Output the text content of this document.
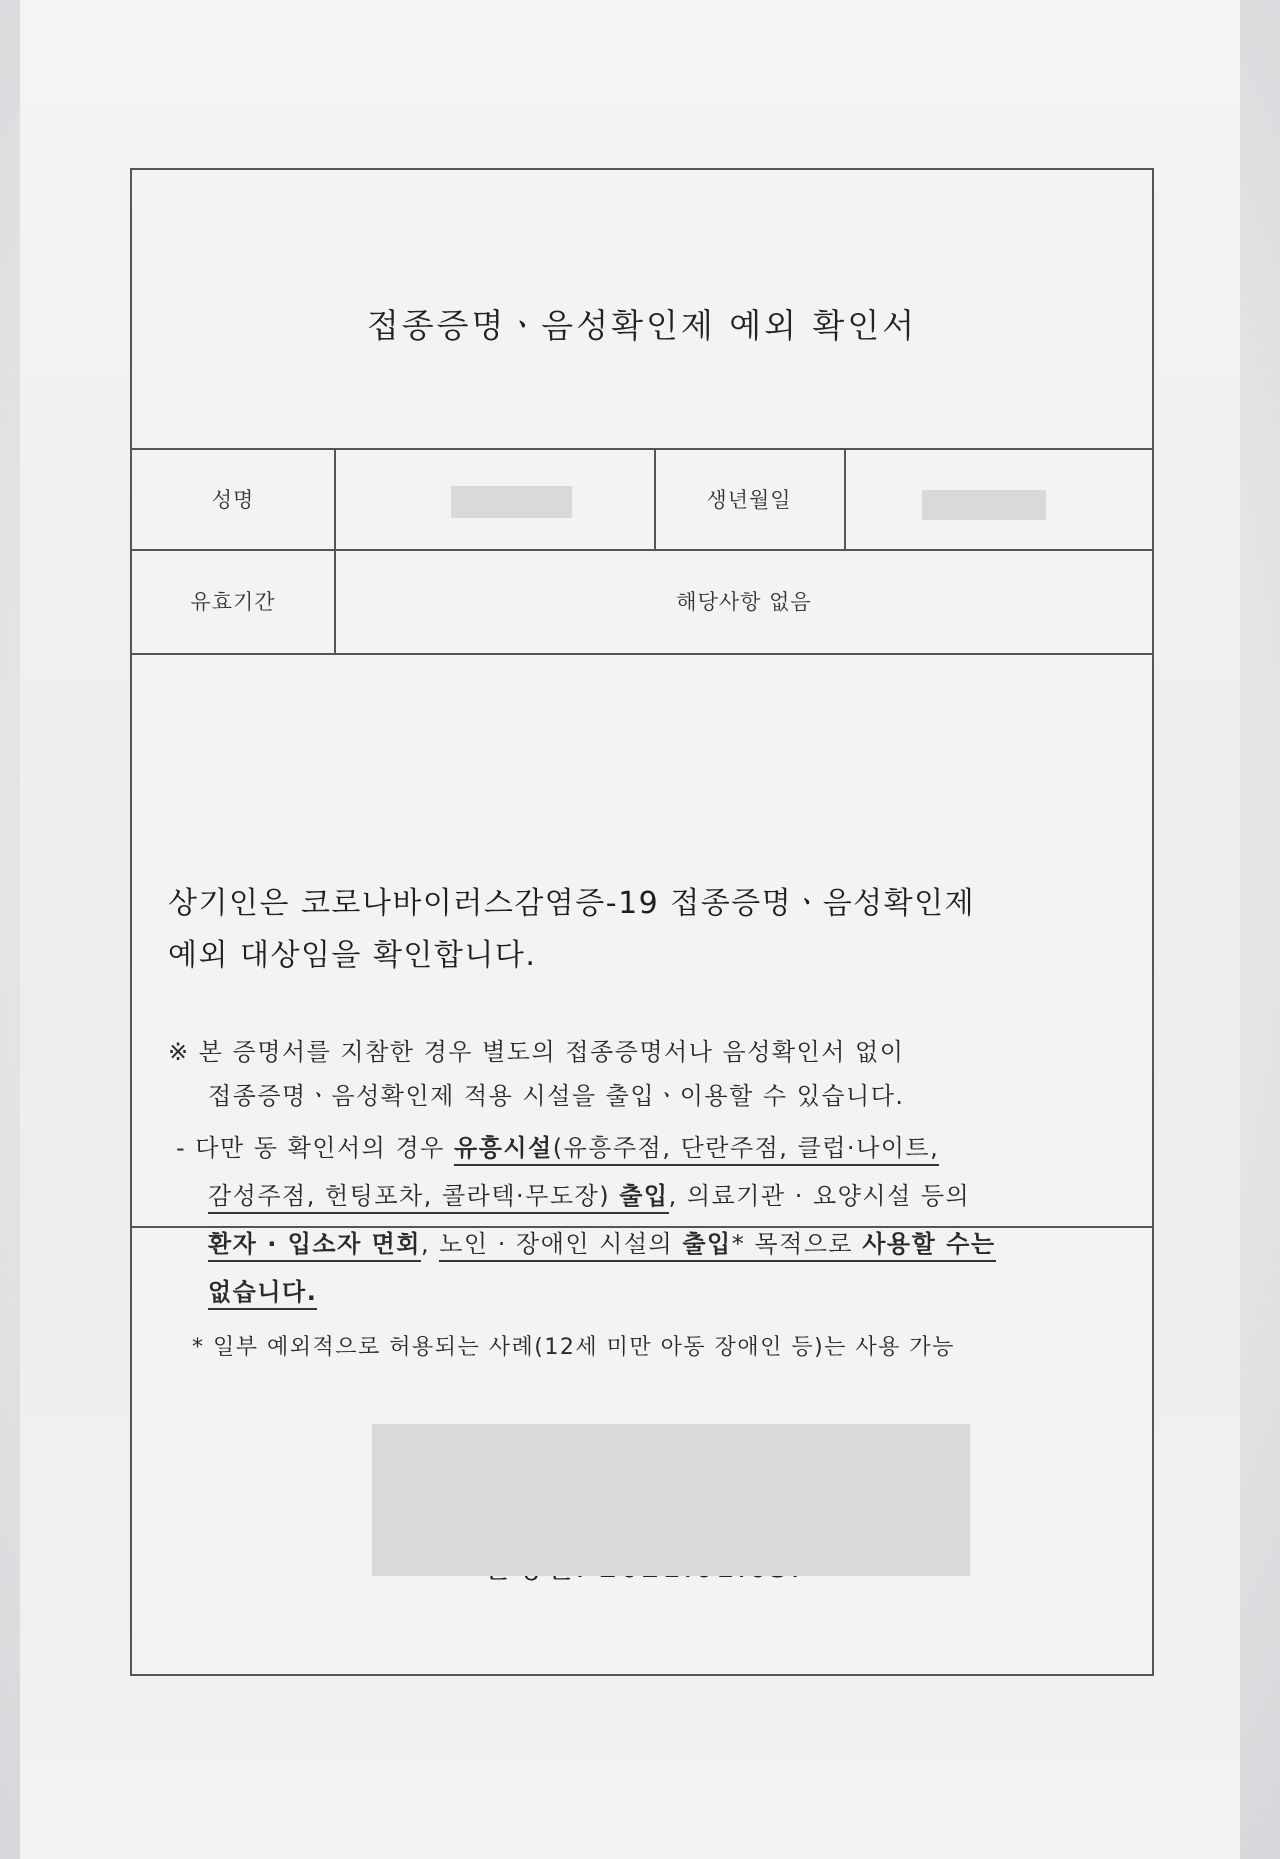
접종증명ㆍ음성확인제 예외 확인서
성명	생년월일
유효기간	해당사항 없음
상기인은 코로나바이러스감염증-19 접종증명ㆍ음성확인제
예외 대상임을 확인합니다.
※ 본 증명서를 지참한 경우 별도의 접종증명서나 음성확인서 없이
접종증명ㆍ음성확인제 적용 시설을 출입ㆍ이용할 수 있습니다.
- 다만 동 확인서의 경우 유흥시설(유흥주점, 단란주점, 클럽·나이트,
감성주점, 헌팅포차, 콜라텍·무도장) 출입, 의료기관 · 요양시설 등의
환자 · 입소자 면회, 노인 · 장애인 시설의 출입* 목적으로 사용할 수는
없습니다.
* 일부 예외적으로 허용되는 사례(12세 미만 아동 장애인 등)는 사용 가능
